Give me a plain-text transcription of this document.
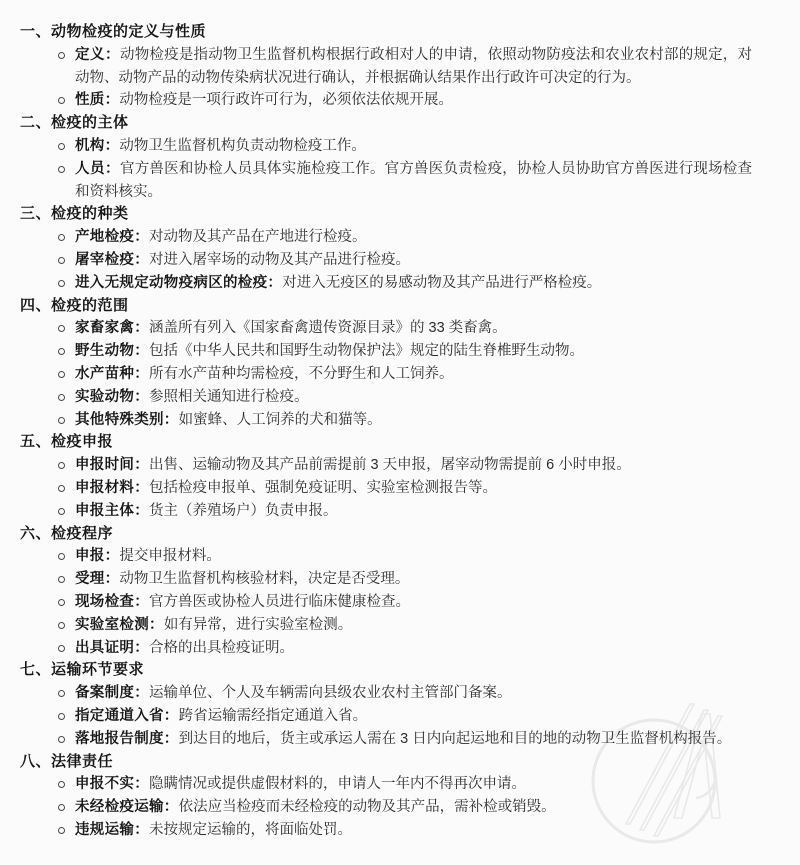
一、动物检疫的定义与性质
定义：动物检疫是指动物卫生监督机构根据行政相对人的申请，依照动物防疫法和农业农村部的规定，对动物、动物产品的动物传染病状况进行确认，并根据确认结果作出行政许可决定的行为。
性质：动物检疫是一项行政许可行为，必须依法依规开展。
二、检疫的主体
机构：动物卫生监督机构负责动物检疫工作。
人员：官方兽医和协检人员具体实施检疫工作。官方兽医负责检疫，协检人员协助官方兽医进行现场检查和资料核实。
三、检疫的种类
产地检疫：对动物及其产品在产地进行检疫。
屠宰检疫：对进入屠宰场的动物及其产品进行检疫。
进入无规定动物疫病区的检疫：对进入无疫区的易感动物及其产品进行严格检疫。
四、检疫的范围
家畜家禽：涵盖所有列入《国家畜禽遗传资源目录》的 33 类畜禽。
野生动物：包括《中华人民共和国野生动物保护法》规定的陆生脊椎野生动物。
水产苗种：所有水产苗种均需检疫，不分野生和人工饲养。
实验动物：参照相关通知进行检疫。
其他特殊类别：如蜜蜂、人工饲养的犬和猫等。
五、检疫申报
申报时间：出售、运输动物及其产品前需提前 3 天申报，屠宰动物需提前 6 小时申报。
申报材料：包括检疫申报单、强制免疫证明、实验室检测报告等。
申报主体：货主（养殖场户）负责申报。
六、检疫程序
申报：提交申报材料。
受理：动物卫生监督机构核验材料，决定是否受理。
现场检查：官方兽医或协检人员进行临床健康检查。
实验室检测：如有异常，进行实验室检测。
出具证明：合格的出具检疫证明。
七、运输环节要求
备案制度：运输单位、个人及车辆需向县级农业农村主管部门备案。
指定通道入省：跨省运输需经指定通道入省。
落地报告制度：到达目的地后，货主或承运人需在 3 日内向起运地和目的地的动物卫生监督机构报告。
八、法律责任
申报不实：隐瞒情况或提供虚假材料的，申请人一年内不得再次申请。
未经检疫运输：依法应当检疫而未经检疫的动物及其产品，需补检或销毁。
违规运输：未按规定运输的，将面临处罚。
